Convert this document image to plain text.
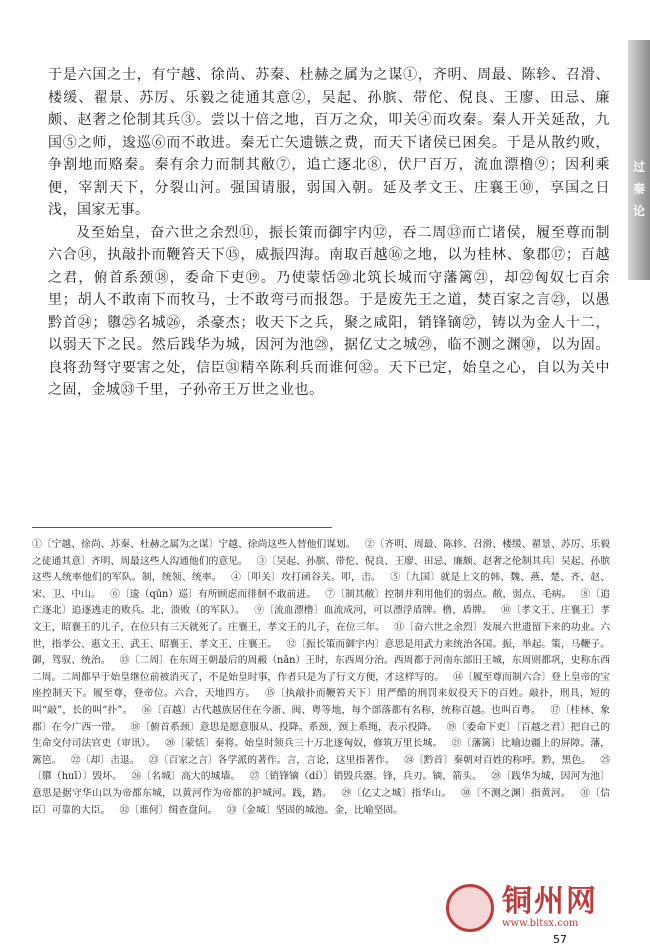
于是六国之士，有宁越、徐尚、苏秦、杜赫之属为之谋①，齐明、周最、陈轸、召滑、楼缓、翟景、苏厉、乐毅之徒通其意②，吴起、孙膑、带佗、倪良、王廖、田忌、廉颇、赵奢之伦制其兵③。尝以十倍之地，百万之众，叩关④而攻秦。秦人开关延敌，九国⑤之师，逡巡⑥而不敢进。秦无亡矢遗镞之费，而天下诸侯已困矣。于是从散约败，争割地而赂秦。秦有余力而制其敝⑦，追亡逐北⑧，伏尸百万，流血漂橹⑨；因利乘便，宰割天下，分裂山河。强国请服，弱国入朝。延及孝文王、庄襄王⑩，享国之日浅，国家无事。

及至始皇，奋六世之余烈⑪，振长策而御宇内⑫，吞二周⑬而亡诸侯，履至尊而制六合⑭，执敲扑而鞭笞天下⑮，威振四海。南取百越⑯之地，以为桂林、象郡⑰；百越之君，俯首系颈⑱，委命下吏⑲。乃使蒙恬⑳北筑长城而守藩篱㉑，却㉒匈奴七百余里；胡人不敢南下而牧马，士不敢弯弓而报怨。于是废先王之道，焚百家之言㉓，以愚黔首㉔；隳㉕名城㉖，杀豪杰；收天下之兵，聚之咸阳，销锋镝㉗，铸以为金人十二，以弱天下之民。然后践华为城，因河为池㉘，据亿丈之城㉙，临不测之渊㉚，以为固。良将劲弩守要害之处，信臣㉛精卒陈利兵而谁何㉜。天下已定，始皇之心，自以为关中之固，金城㉝千里，子孙帝王万世之业也。

①〔宁越、徐尚、苏秦、杜赫之属为之谋〕宁越、徐尚这些人替他们谋划。 ②〔齐明、周最、陈轸、召滑、楼缓、翟景、苏厉、乐毅之徒通其意〕齐明、周最这些人沟通他们的意见。 ③〔吴起、孙膑、带佗、倪良、王廖、田忌、廉颇、赵奢之伦制其兵〕吴起、孙膑这些人统率他们的军队。制，统领、统率。 ④〔叩关〕攻打函谷关。叩，击。 ⑤〔九国〕就是上文的韩、魏、燕、楚、齐、赵、宋、卫、中山。 ⑥〔逡（qūn）巡〕有所顾虑而徘徊不敢前进。 ⑦〔制其敝〕控制并利用他们的弱点。敝，弱点、毛病。 ⑧〔追亡逐北〕追逐逃走的败兵。北，溃败（的军队）。 ⑨〔流血漂橹〕血流成河，可以漂浮盾牌。橹，盾牌。 ⑩〔孝文王、庄襄王〕孝文王，昭襄王的儿子，在位只有三天就死了。庄襄王，孝文王的儿子，在位三年。 ⑪〔奋六世之余烈〕发展六世遗留下来的功业。六世，指孝公、惠文王、武王、昭襄王、孝文王、庄襄王。 ⑫〔振长策而御宇内〕意思是用武力来统治各国。振，举起。策，马鞭子。御，驾驭、统治。 ⑬〔二周〕在东周王朝最后的周赧（nǎn）王时，东西周分治。西周都于河南东部旧王城，东周则都巩，史称东西二周。二周都早于始皇继位前被消灭了，不是始皇时事，作者只是为了行文方便，才这样写的。 ⑭〔履至尊而制六合〕登上皇帝的宝座控制天下。履至尊，登帝位。六合，天地四方。 ⑮〔执敲扑而鞭笞天下〕用严酷的刑罚来奴役天下的百姓。敲扑，刑具，短的叫“敲”，长的叫“扑”。 ⑯〔百越〕古代越族居住在今浙、闽、粤等地，每个部落都有名称，统称百越。也叫百粤。 ⑰〔桂林、象郡〕在今广西一带。 ⑱〔俯首系颈〕意思是愿意服从、投降。系颈，颈上系绳，表示投降。 ⑲〔委命下吏〕〔百越之君〕把自己的生命交付司法官吏（审讯）。 ⑳〔蒙恬〕秦将。始皇时领兵三十万北逐匈奴，修筑万里长城。 ㉑〔藩篱〕比喻边疆上的屏障。藩，篱笆。 ㉒〔却〕击退。 ㉓〔百家之言〕各学派的著作。言，言论，这里指著作。 ㉔〔黔首〕秦朝对百姓的称呼。黔，黑色。 ㉕〔隳（huī）〕毁坏。 ㉖〔名城〕高大的城墙。 ㉗〔销锋镝（dí）〕销毁兵器。锋，兵刃。镝，箭头。 ㉘〔践华为城，因河为池〕意思是据守华山以为帝都东城，以黄河作为帝都的护城河。践，踏。 ㉙〔亿丈之城〕指华山。 ㉚〔不测之渊〕指黄河。 ㉛〔信臣〕可靠的大臣。 ㉜〔谁何〕缉查盘问。 ㉝〔金城〕坚固的城池。金，比喻坚固。
过
秦
论
57
铜州网
www.bltsx.com
